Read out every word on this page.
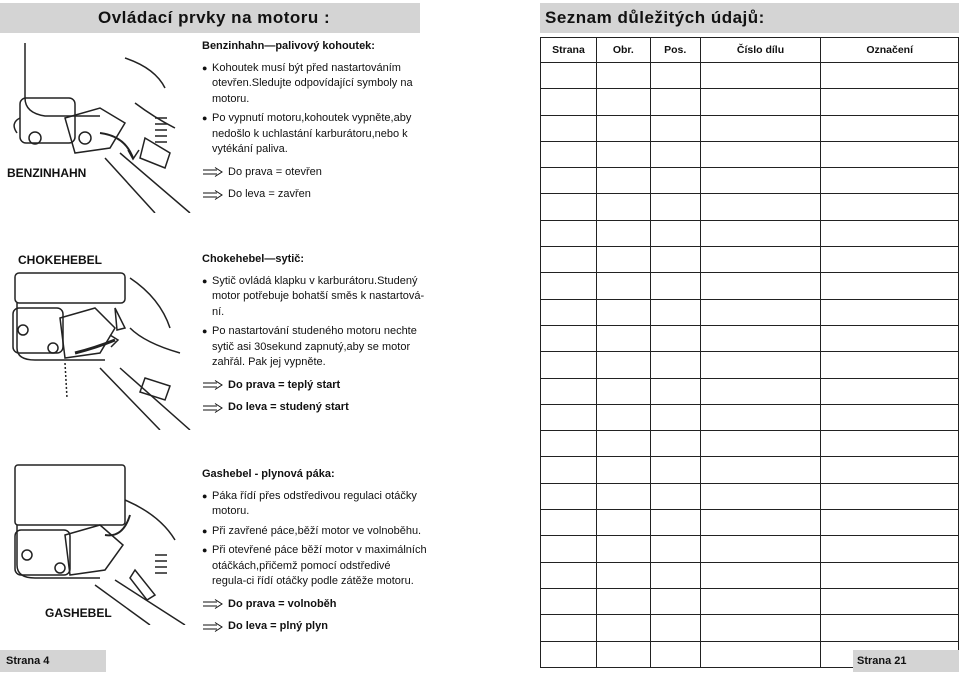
Ovládací prvky na motoru :	Seznam důležitých údajů:
BENZINHAHN
Benzinhahn—palivový kohoutek:
● Kohoutek musí být před nastartováním otevřen.Sledujte odpovídající symboly na motoru.
● Po vypnutí motoru,kohoutek vypněte,aby nedošlo k uchlastání karburátoru,nebo k vytékání paliva.
Do prava = otevřen
Do leva = zavřen
CHOKEHEBEL	Chokehebel—sytič:
● Sytič ovládá klapku v karburátoru.Studený motor potřebuje bohatší směs k nastartová-ní.
● Po nastartování studeného motoru nechte sytič asi 30sekund zapnutý,aby se motor zahřál. Pak jej vypněte.
Do prava = teplý start
Do leva = studený start
GASHEBEL
Gashebel - plynová páka:
● Páka řídí přes odstředivou regulaci otáčky motoru.
● Při zavřené páce,běží motor ve volnoběhu.
● Při otevřené páce běží motor v maximálních otáčkách,přičemž pomocí odstředivé regula-ci řídí otáčky podle zátěže motoru.
Do prava = volnoběh
Do leva = plný plyn
Strana	Obr.	Pos.	Číslo dílu	Označení

Strana 4	Strana 21
